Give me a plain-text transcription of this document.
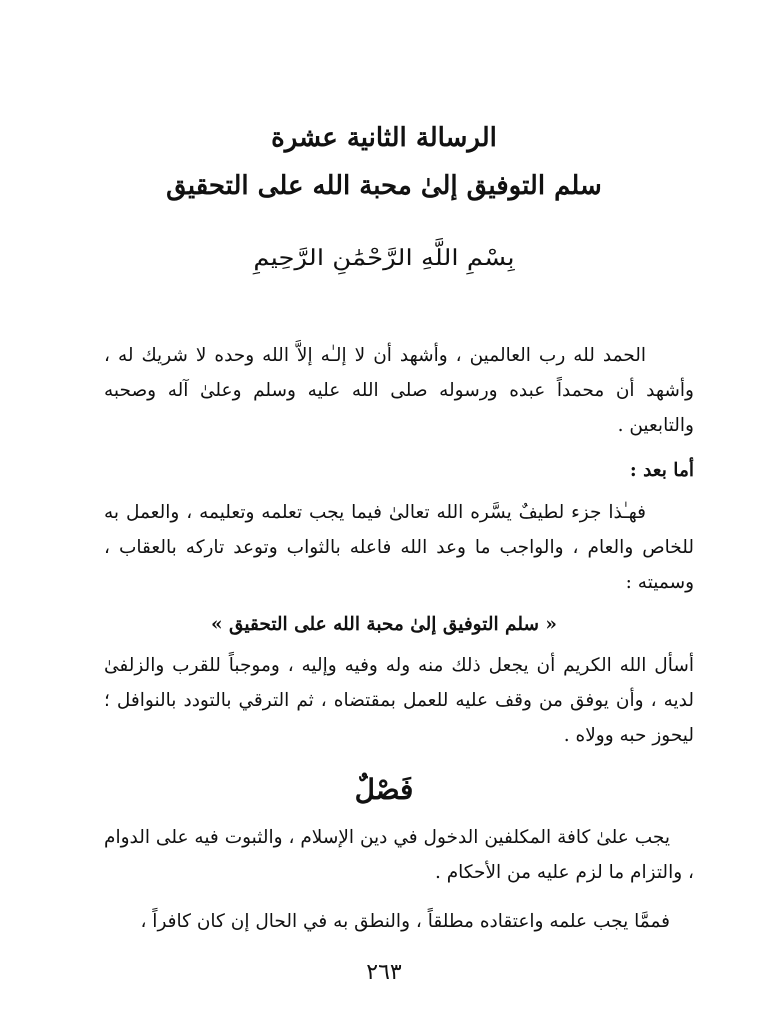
الرسالة الثانية عشرة
سلم التوفيق إلىٰ محبة الله على التحقيق
بِسْمِ اللَّهِ الرَّحْمَٰنِ الرَّحِيمِ

الحمد لله رب العالمين ، وأشهد أن لا إلـٰه إلاَّ الله وحده لا شريك له ، وأشهد أن محمداً عبده ورسوله صلى الله عليه وسلم وعلىٰ آله وصحبه والتابعين .

أما بعد :

فهـٰذا جزء لطيفٌ يسَّره الله تعالىٰ فيما يجب تعلمه وتعليمه ، والعمل به للخاص والعام ، والواجب ما وعد الله فاعله بالثواب وتوعد تاركه بالعقاب ، وسميته :

« سلم التوفيق إلىٰ محبة الله على التحقيق »

أسأل الله الكريم أن يجعل ذلك منه وله وفيه وإليه ، وموجباً للقرب والزلفىٰ لديه ، وأن يوفق من وقف عليه للعمل بمقتضاه ، ثم الترقي بالتودد بالنوافل ؛ ليحوز حبه وولاه .

فَصْلٌ

يجب علىٰ كافة المكلفين الدخول في دين الإسلام ، والثبوت فيه على الدوام ، والتزام ما لزم عليه من الأحكام .

فممَّا يجب علمه واعتقاده مطلقاً ، والنطق به في الحال إن كان كافراً ،

٢٦٣
